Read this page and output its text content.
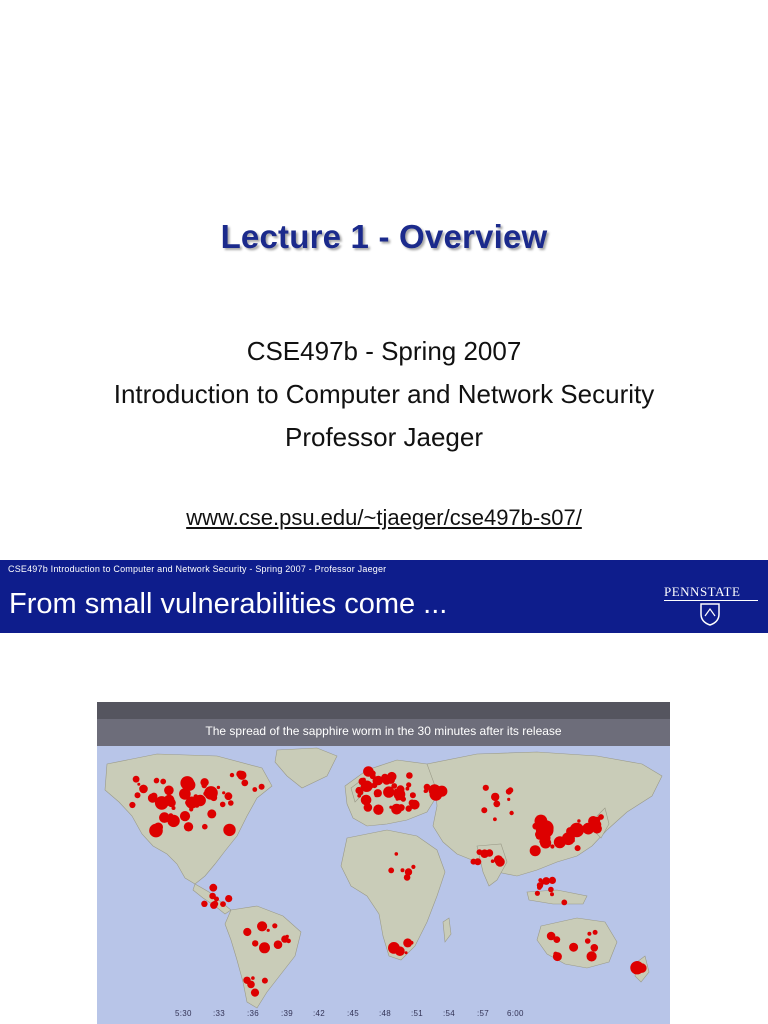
Lecture 1 - Overview
CSE497b - Spring 2007
Introduction to Computer and Network Security
Professor Jaeger
www.cse.psu.edu/~tjaeger/cse497b-s07/
CSE497b Introduction to Computer and Network Security - Spring 2007 - Professor Jaeger
From small vulnerabilities come ...	PENNSTATE
The spread of the sapphire worm in the 30 minutes after its release
5:30	:33	:36	:39 :42	:45 :48 :51 :54	:57 6:00
